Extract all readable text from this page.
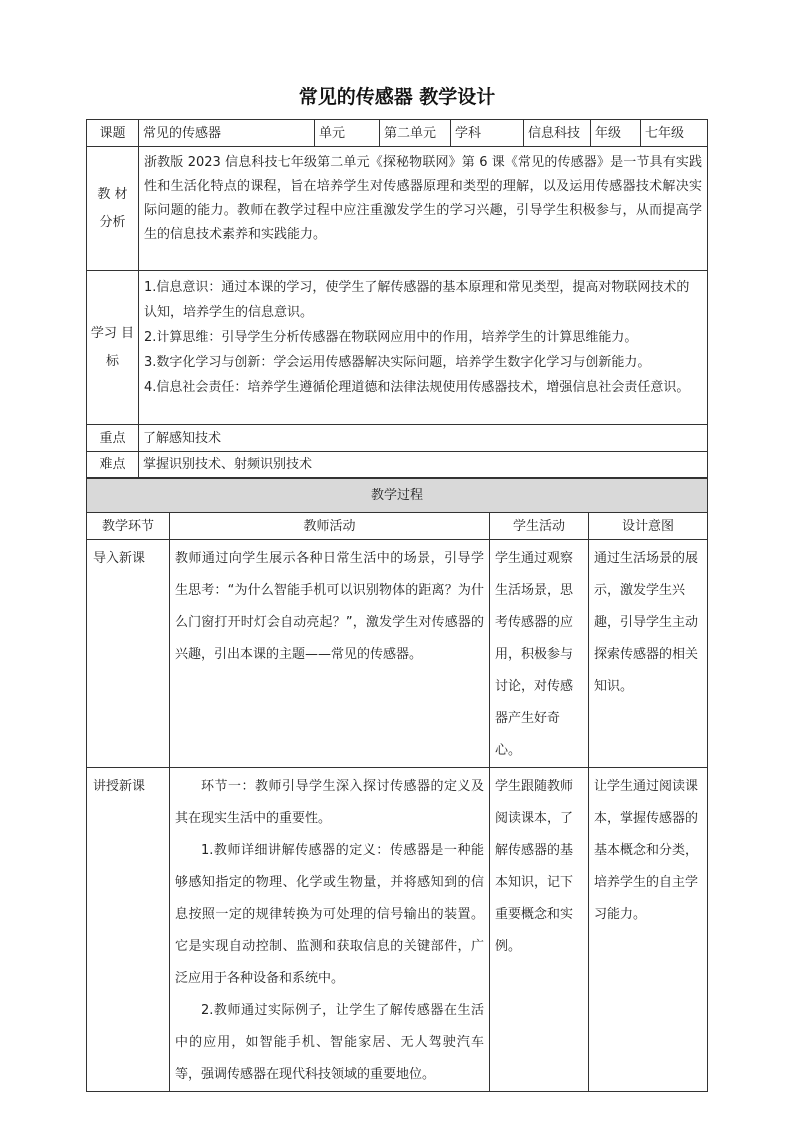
常见的传感器 教学设计
课题	常见的传感器	单元	第二单元	学科	信息科技	年级	七年级
教 材 分析	浙教版 2023 信息科技七年级第二单元《探秘物联网》第 6 课《常见的传感器》是一节具有实践性和生活化特点的课程，旨在培养学生对传感器原理和类型的理解，以及运用传感器技术解决实际问题的能力。教师在教学过程中应注重激发学生的学习兴趣，引导学生积极参与，从而提高学生的信息技术素养和实践能力。						
学习 目标	1.信息意识：通过本课的学习，使学生了解传感器的基本原理和常见类型，提高对物联网技术的认知，培养学生的信息意识。
2.计算思维：引导学生分析传感器在物联网应用中的作用，培养学生的计算思维能力。
3.数字化学习与创新：学会运用传感器解决实际问题，培养学生数字化学习与创新能力。
4.信息社会责任：培养学生遵循伦理道德和法律法规使用传感器技术，增强信息社会责任意识。						

重点	了解感知技术						
难点	掌握识别技术、射频识别技术						
教学过程			
教学环节	教师活动	学生活动	设计意图
导入新课	教师通过向学生展示各种日常生活中的场景，引导学生思考：“为什么智能手机可以识别物体的距离？为什么门窗打开时灯会自动亮起？”，激发学生对传感器的兴趣，引出本课的主题——常见的传感器。	学生通过观察生活场景，思考传感器的应用，积极参与讨论，对传感器产生好奇心。	通过生活场景的展示，激发学生兴趣，引导学生主动探索传感器的相关知识。
讲授新课	环节一：教师引导学生深入探讨传感器的定义及其在现实生活中的重要性。

1.教师详细讲解传感器的定义：传感器是一种能够感知指定的物理、化学或生物量，并将感知到的信息按照一定的规律转换为可处理的信号输出的装置。它是实现自动控制、监测和获取信息的关键部件，广泛应用于各种设备和系统中。

2.教师通过实际例子，让学生了解传感器在生活中的应用，如智能手机、智能家居、无人驾驶汽车等，强调传感器在现代科技领域的重要地位。	学生跟随教师阅读课本，了解传感器的基本知识，记下重要概念和实例。	让学生通过阅读课本，掌握传感器的基本概念和分类，培养学生的自主学习能力。
